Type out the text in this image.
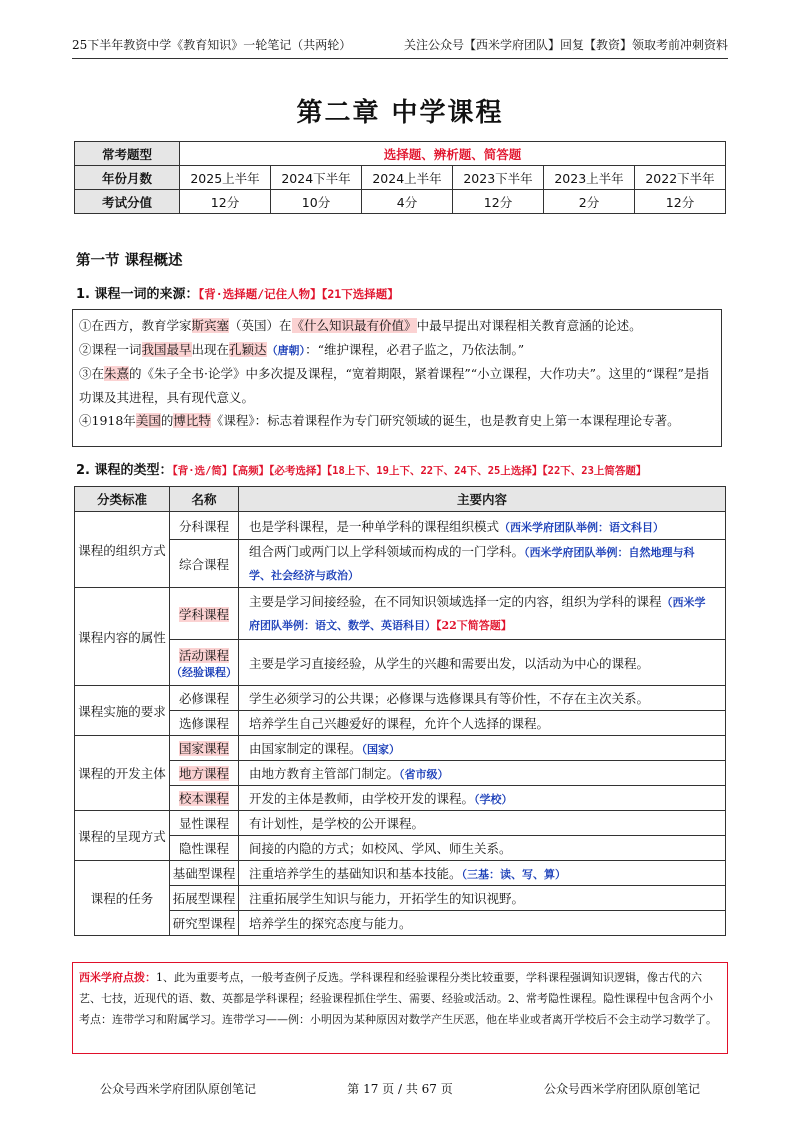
25下半年教资中学《教育知识》一轮笔记（共两轮）	关注公众号【西米学府团队】回复【教资】领取考前冲刺资料
第二章 中学课程
常考题型	选择题、辨析题、简答题					
年份月数	2025上半年	2024下半年	2024上半年	2023下半年	2023上半年	2022下半年
考试分值	12分	10分	4分	12分	2分	12分
第一节 课程概述
1. 课程一词的来源：【背·选择题/记住人物】【21下选择题】

①在西方，教育学家斯宾塞（英国）在《什么知识最有价值》中最早提出对课程相关教育意涵的论述。

②课程一词我国最早出现在孔颖达（唐朝）：“维护课程，必君子监之，乃依法制。”

③在朱熹的《朱子全书·论学》中多次提及课程，“宽着期限，紧着课程”“小立课程，大作功夫”。这里的“课程”是指功课及其进程，具有现代意义。

④1918年美国的博比特《课程》：标志着课程作为专门研究领域的诞生，也是教育史上第一本课程理论专著。

2. 课程的类型：【背·选/简】【高频】【必考选择】【18上下、19上下、22下、24下、25上选择】【22下、23上简答题】
分类标准	名称	主要内容
课程的组织方式	分科课程	也是学科课程，是一种单学科的课程组织模式（西米学府团队举例：语文科目）
	综合课程	组合两门或两门以上学科领域而构成的一门学科。（西米学府团队举例：自然地理与科学、社会经济与政治）
课程内容的属性	学科课程	主要是学习间接经验，在不同知识领域选择一定的内容，组织为学科的课程（西米学府团队举例：语文、数学、英语科目）【22下简答题】
	活动课程
（经验课程）	主要是学习直接经验，从学生的兴趣和需要出发，以活动为中心的课程。
课程实施的要求	必修课程	学生必须学习的公共课；必修课与选修课具有等价性，不存在主次关系。
	选修课程	培养学生自己兴趣爱好的课程，允许个人选择的课程。
课程的开发主体	国家课程	由国家制定的课程。（国家）
	地方课程	由地方教育主管部门制定。（省市级）
	校本课程	开发的主体是教师，由学校开发的课程。（学校）
课程的呈现方式	显性课程	有计划性，是学校的公开课程。
	隐性课程	间接的内隐的方式；如校风、学风、师生关系。
课程的任务	基础型课程	注重培养学生的基础知识和基本技能。（三基：读、写、算）
	拓展型课程	注重拓展学生知识与能力，开拓学生的知识视野。
	研究型课程	培养学生的探究态度与能力。
西米学府点拨：1、此为重要考点，一般考查例子反选。学科课程和经验课程分类比较重要，学科课程强调知识逻辑，像古代的六艺、七技，近现代的语、数、英都是学科课程；经验课程抓住学生、需要、经验或活动。2、常考隐性课程。隐性课程中包含两个小考点：连带学习和附属学习。连带学习——例：小明因为某种原因对数学产生厌恶，他在毕业或者离开学校后不会主动学习数学了。
公众号西米学府团队原创笔记	第 17 页 / 共 67 页	公众号西米学府团队原创笔记
